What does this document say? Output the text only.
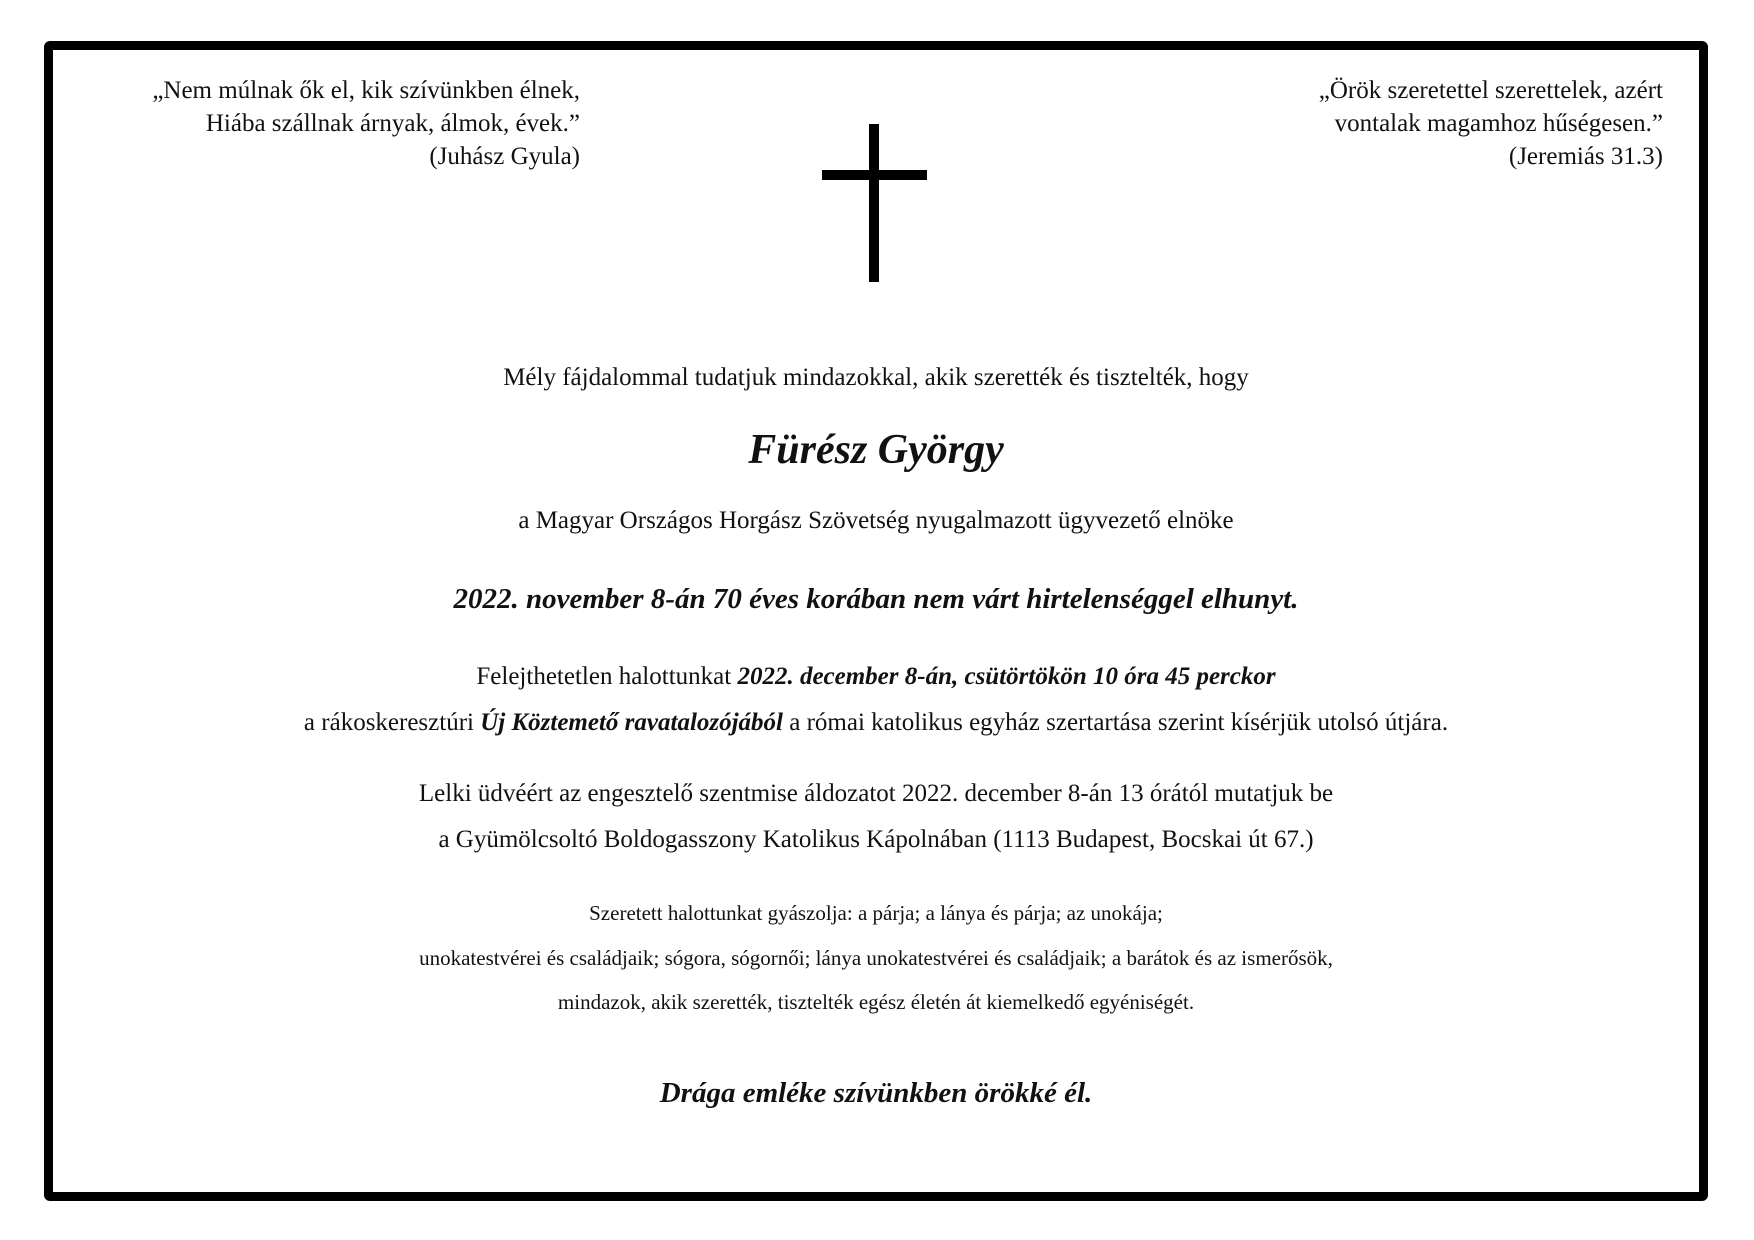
„Nem múlnak ők el, kik szívünkben élnek,
Hiába szállnak árnyak, álmok, évek.”
(Juhász Gyula)
„Örök szeretettel szerettelek, azért
vontalak magamhoz hűségesen.”
(Jeremiás 31.3)
Mély fájdalommal tudatjuk mindazokkal, akik szerették és tisztelték, hogy
Fürész György
a Magyar Országos Horgász Szövetség nyugalmazott ügyvezető elnöke
2022. november 8-án 70 éves korában nem várt hirtelenséggel elhunyt.
Felejthetetlen halottunkat 2022. december 8-án, csütörtökön 10 óra 45 perckor
a rákoskeresztúri Új Köztemető ravatalozójából a római katolikus egyház szertartása szerint kísérjük utolsó útjára.
Lelki üdvéért az engesztelő szentmise áldozatot 2022. december 8-án 13 órától mutatjuk be
a Gyümölcsoltó Boldogasszony Katolikus Kápolnában (1113 Budapest, Bocskai út 67.)
Szeretett halottunkat gyászolja: a párja; a lánya és párja; az unokája;
unokatestvérei és családjaik; sógora, sógornői; lánya unokatestvérei és családjaik; a barátok és az ismerősök,
mindazok, akik szerették, tisztelték egész életén át kiemelkedő egyéniségét.
Drága emléke szívünkben örökké él.
